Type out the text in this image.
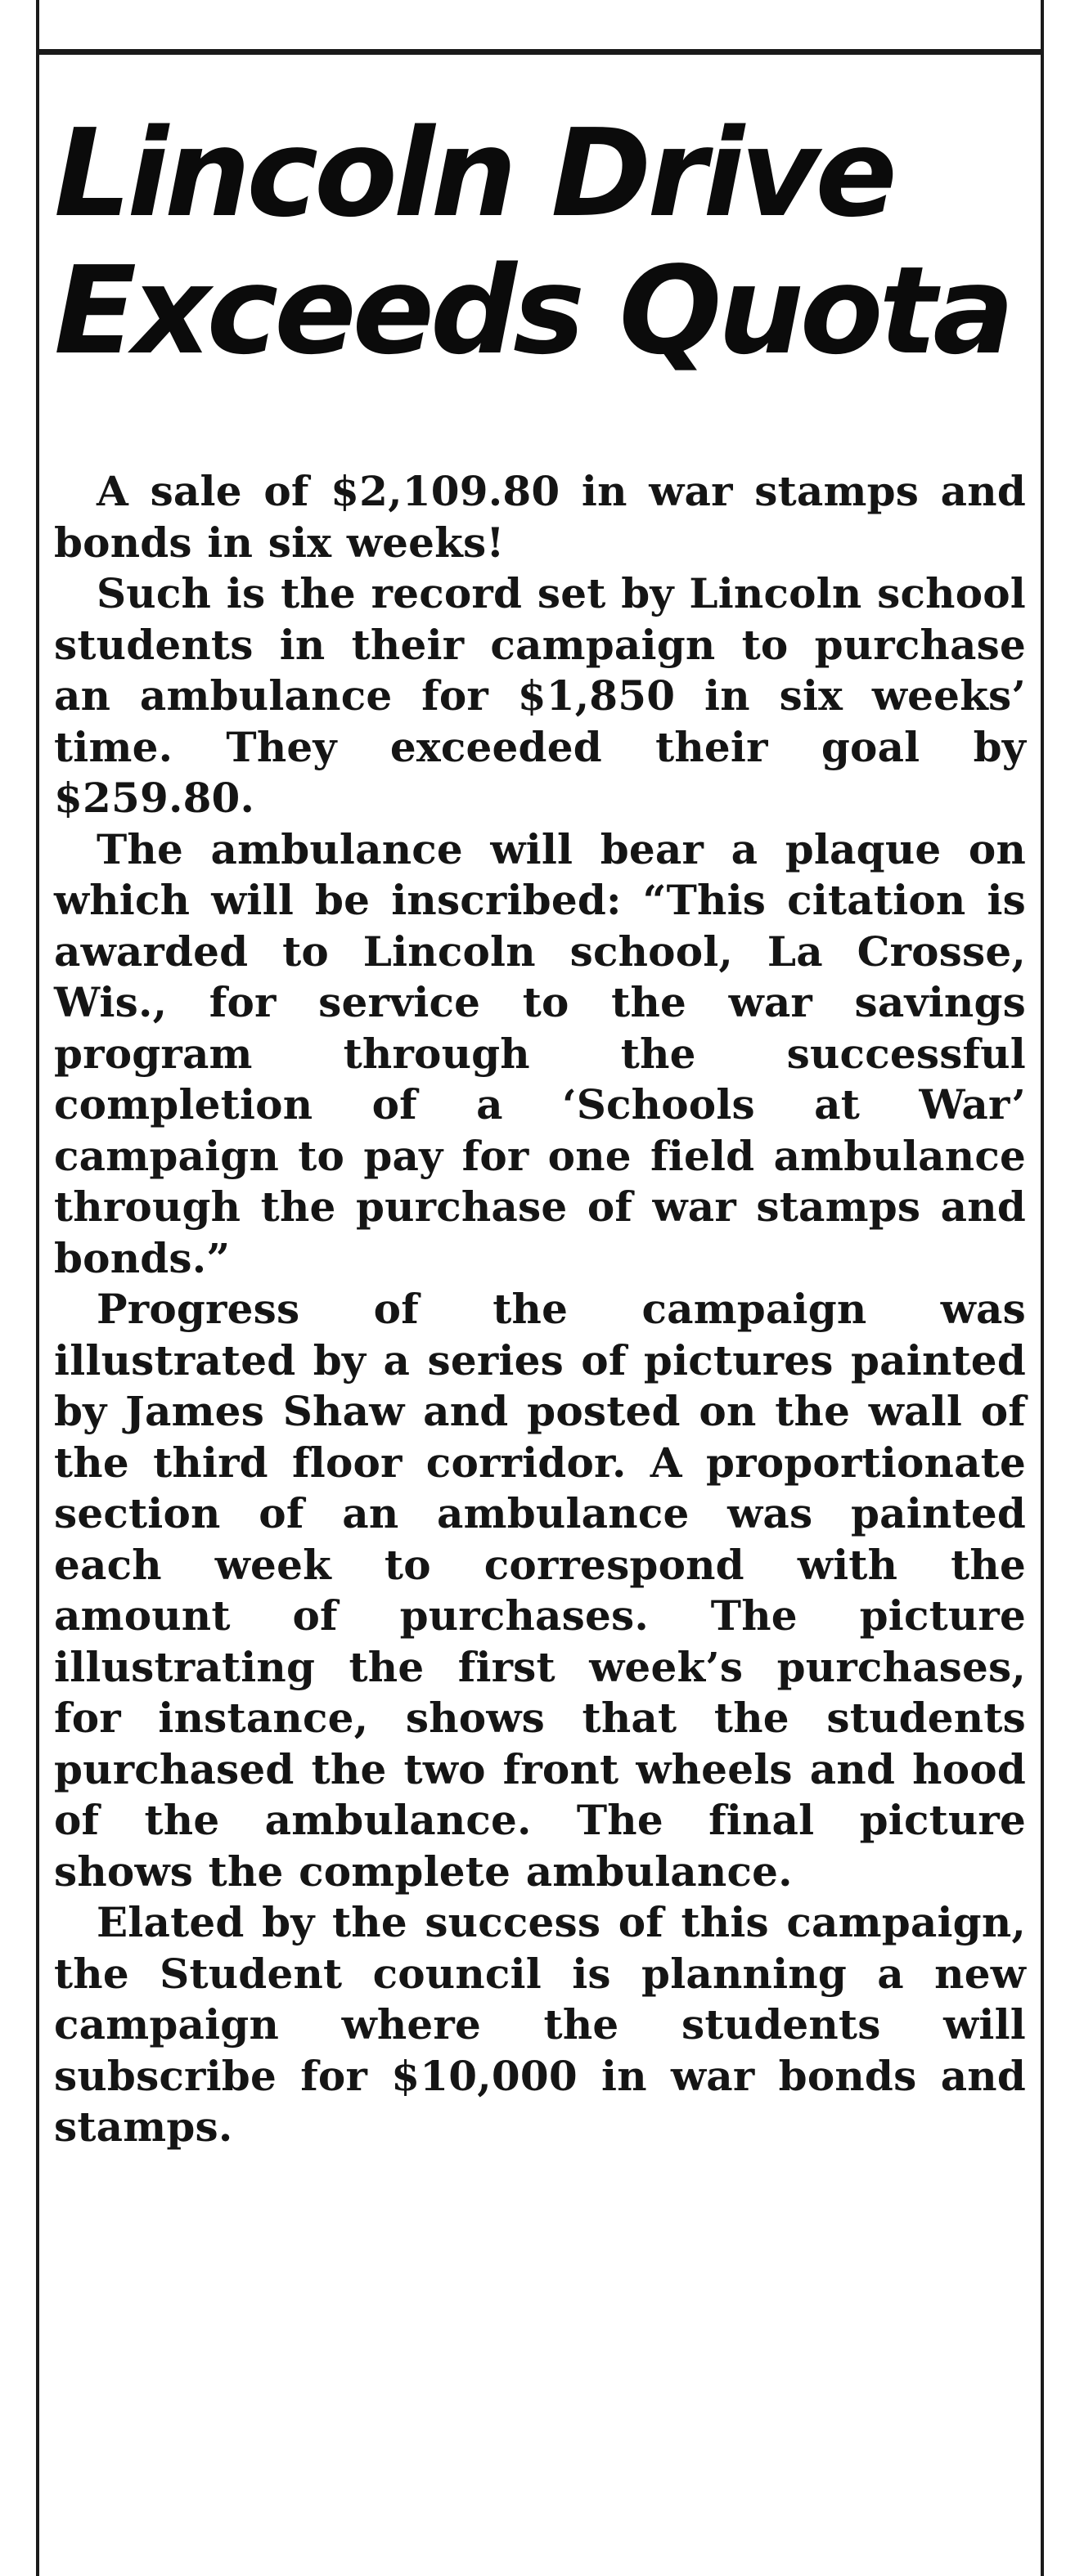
Lincoln Drive
Exceeds Quota

A sale of $2,109.80 in war stamps and bonds in six weeks!

Such is the record set by Lincoln school students in their campaign to purchase an ambulance for $1,850 in six weeks’ time. They exceeded their goal by $259.80.

The ambulance will bear a plaque on which will be inscribed: “This citation is awarded to Lincoln school, La Crosse, Wis., for service to the war savings program through the successful completion of a ‘Schools at War’ campaign to pay for one field ambulance through the purchase of war stamps and bonds.”

Progress of the campaign was illustrated by a series of pictures painted by James Shaw and posted on the wall of the third floor corridor. A proportionate section of an ambulance was painted each week to correspond with the amount of purchases. The picture illustrating the first week’s purchases, for instance, shows that the students purchased the two front wheels and hood of the ambulance. The final picture shows the complete ambulance.

Elated by the success of this campaign, the Student council is planning a new campaign where the students will subscribe for $10,000 in war bonds and stamps.
